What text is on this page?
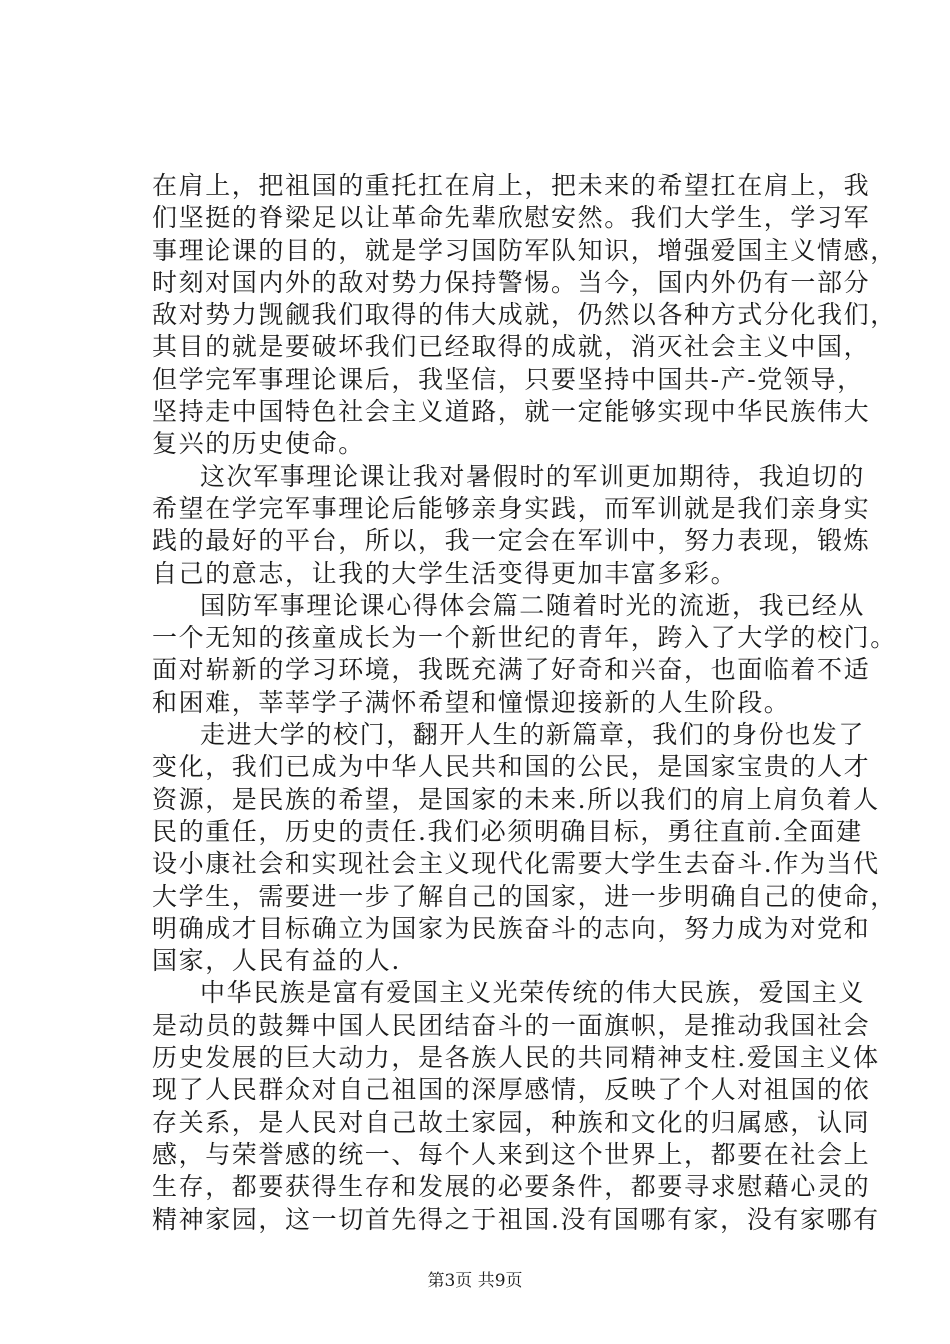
在肩上，把祖国的重托扛在肩上，把未来的希望扛在肩上，我
们坚挺的脊梁足以让革命先辈欣慰安然。我们大学生，学习军
事理论课的目的，就是学习国防军队知识，增强爱国主义情感，
时刻对国内外的敌对势力保持警惕。当今，国内外仍有一部分
敌对势力觊觎我们取得的伟大成就，仍然以各种方式分化我们，
其目的就是要破坏我们已经取得的成就，消灭社会主义中国，
但学完军事理论课后，我坚信，只要坚持中国共-产-党领导，
坚持走中国特色社会主义道路，就一定能够实现中华民族伟大
复兴的历史使命。
这次军事理论课让我对暑假时的军训更加期待，我迫切的
希望在学完军事理论后能够亲身实践，而军训就是我们亲身实
践的最好的平台，所以，我一定会在军训中，努力表现，锻炼
自己的意志，让我的大学生活变得更加丰富多彩。
国防军事理论课心得体会篇二随着时光的流逝，我已经从
一个无知的孩童成长为一个新世纪的青年，跨入了大学的校门。
面对崭新的学习环境，我既充满了好奇和兴奋，也面临着不适
和困难，莘莘学子满怀希望和憧憬迎接新的人生阶段。
走进大学的校门，翻开人生的新篇章，我们的身份也发了
变化，我们已成为中华人民共和国的公民，是国家宝贵的人才
资源，是民族的希望，是国家的未来.所以我们的肩上肩负着人
民的重任，历史的责任.我们必须明确目标，勇往直前.全面建
设小康社会和实现社会主义现代化需要大学生去奋斗.作为当代
大学生，需要进一步了解自己的国家，进一步明确自己的使命，
明确成才目标确立为国家为民族奋斗的志向，努力成为对党和
国家，人民有益的人.
中华民族是富有爱国主义光荣传统的伟大民族，爱国主义
是动员的鼓舞中国人民团结奋斗的一面旗帜，是推动我国社会
历史发展的巨大动力，是各族人民的共同精神支柱.爱国主义体
现了人民群众对自己祖国的深厚感情，反映了个人对祖国的依
存关系，是人民对自己故土家园，种族和文化的归属感，认同
感，与荣誉感的统一、每个人来到这个世界上，都要在社会上
生存，都要获得生存和发展的必要条件，都要寻求慰藉心灵的
精神家园，这一切首先得之于祖国.没有国哪有家，没有家哪有
第3页 共9页
